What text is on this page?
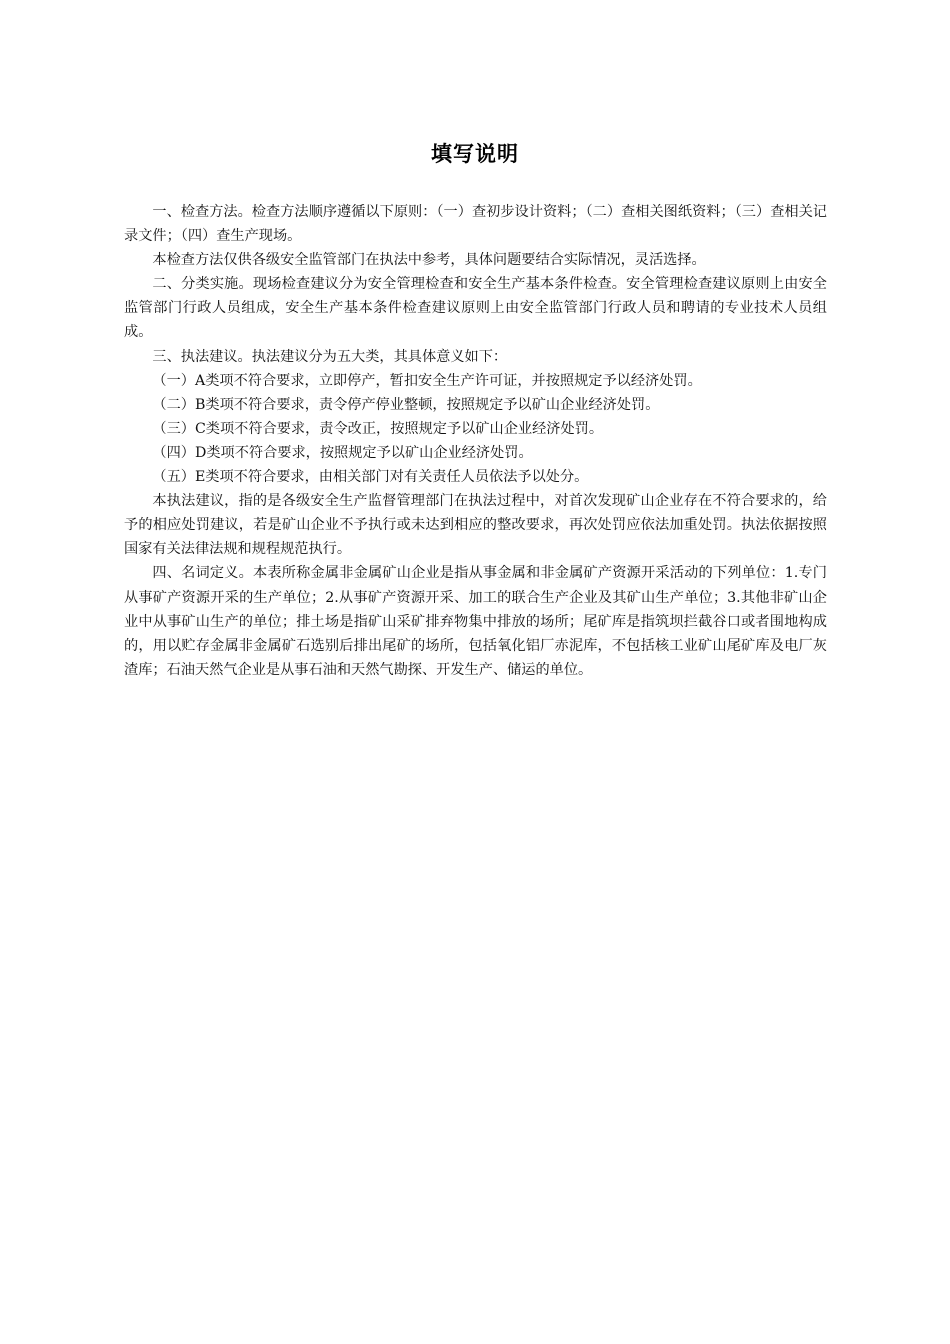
填写说明

一、检查方法。检查方法顺序遵循以下原则：（一）查初步设计资料；（二）查相关图纸资料；（三）查相关记录文件；（四）查生产现场。

本检查方法仅供各级安全监管部门在执法中参考，具体问题要结合实际情况，灵活选择。

二、分类实施。现场检查建议分为安全管理检查和安全生产基本条件检查。安全管理检查建议原则上由安全监管部门行政人员组成，安全生产基本条件检查建议原则上由安全监管部门行政人员和聘请的专业技术人员组成。

三、执法建议。执法建议分为五大类，其具体意义如下：

（一）A类项不符合要求，立即停产，暂扣安全生产许可证，并按照规定予以经济处罚。

（二）B类项不符合要求，责令停产停业整顿，按照规定予以矿山企业经济处罚。

（三）C类项不符合要求，责令改正，按照规定予以矿山企业经济处罚。

（四）D类项不符合要求，按照规定予以矿山企业经济处罚。

（五）E类项不符合要求，由相关部门对有关责任人员依法予以处分。

本执法建议，指的是各级安全生产监督管理部门在执法过程中，对首次发现矿山企业存在不符合要求的，给予的相应处罚建议，若是矿山企业不予执行或未达到相应的整改要求，再次处罚应依法加重处罚。执法依据按照国家有关法律法规和规程规范执行。

四、名词定义。本表所称金属非金属矿山企业是指从事金属和非金属矿产资源开采活动的下列单位：1.专门从事矿产资源开采的生产单位；2.从事矿产资源开采、加工的联合生产企业及其矿山生产单位；3.其他非矿山企业中从事矿山生产的单位；排土场是指矿山采矿排弃物集中排放的场所；尾矿库是指筑坝拦截谷口或者围地构成的，用以贮存金属非金属矿石选别后排出尾矿的场所，包括氧化铝厂赤泥库，不包括核工业矿山尾矿库及电厂灰渣库；石油天然气企业是从事石油和天然气勘探、开发生产、储运的单位。
